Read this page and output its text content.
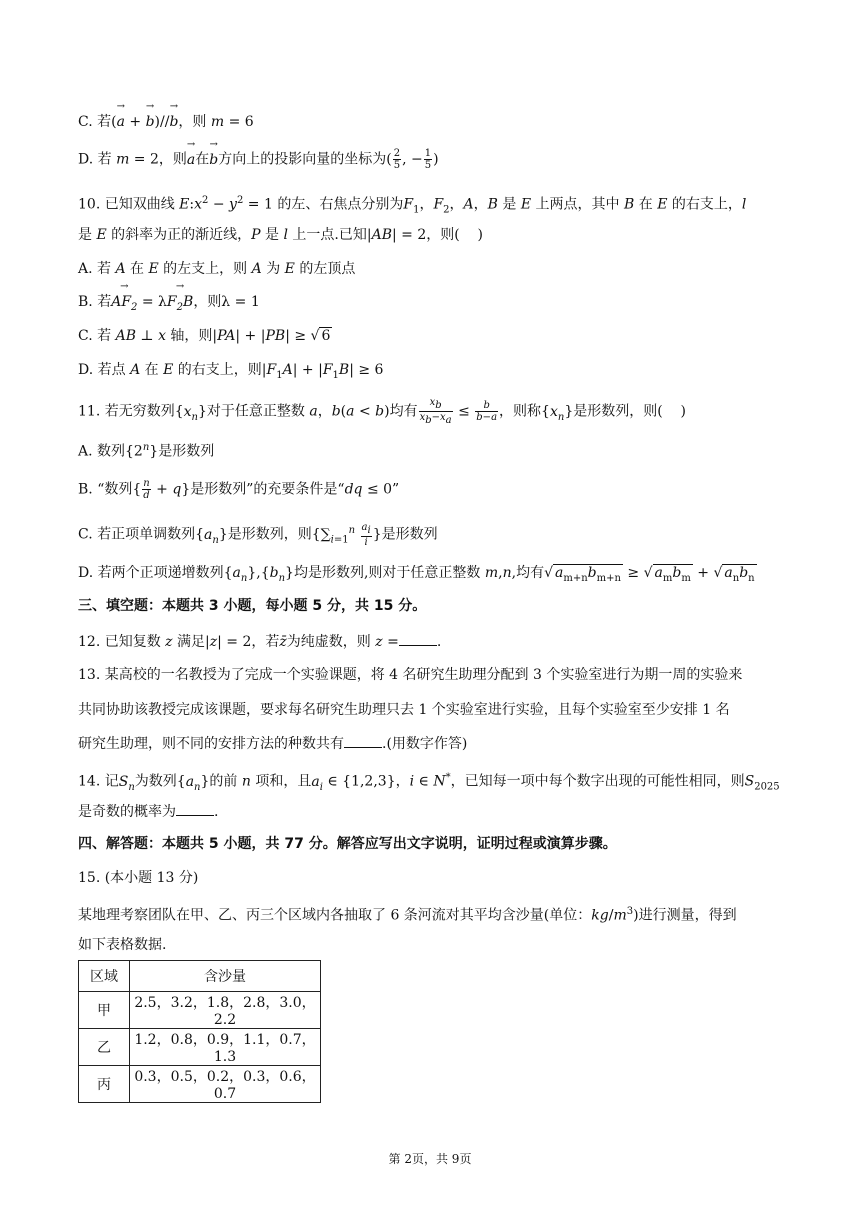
C. 若(→ a + → b)//→ b，则 m = 6
D. 若 m = 2，则→ a在→ b方向上的投影向量的坐标为( $\frac{2}{5}$ , − $\frac{1}{5}$ )
10. 已知双曲线 $E:x^2 - y^2 = 1$ 的左、右焦点分别为$F_1$，$F_2$，A，B 是 E 上两点，其中 B 在 E 的右支上，l
是 E 的斜率为正的渐近线，P 是 l 上一点.已知|AB| = 2，则(    )
A. 若 A 在 E 的左支上，则 A 为 E 的左顶点
B. 若→ $AF_2 = \lambda\to F_2B$，则λ = 1
C. 若 AB ⊥ x 轴，则|PA| + |PB| ≥ √ 6
D. 若点 A 在 E 的右支上，则$|F_1A| + |F_1B| \ge 6$
11. 若无穷数列$\{x_n\}$对于任意正整数 a，b(a < b)均有 $\frac{x_b}{x_b-x_a} \le \frac{b}{b-a}$ ，则称$\{x_n\}$是形数列，则(    )
A. 数列{2$^n$}是形数列
B. “数列{ $\frac{n}{d} + q$}是形数列”的充要条件是“dq ≤ 0”
C. 若正项单调数列$\{a_n\}$是形数列，则{$\sum_{i=1}^n \frac{a_i}{i}$ }是形数列
D. 若两个正项递增数列$\{a_n\},\{b_n\}$均是形数列,则对于任意正整数 m,n,均有√ $a_{m+n}b_{m+n}$ ≥ √ $a_mb_m$ + √ $a_nb_n$
三、填空题：本题共 3 小题，每小题 5 分，共 15 分。
12. 已知复数 z 满足|z| = 2，若z̄为纯虚数，则 z =	.
13. 某高校的一名教授为了完成一个实验课题，将 4 名研究生助理分配到 3 个实验室进行为期一周的实验来
共同协助该教授完成该课题，要求每名研究生助理只去 1 个实验室进行实验，且每个实验室至少安排 1 名
研究生助理，则不同的安排方法的种数共有	.(用数字作答)
14. 记$S_n$为数列$\{a_n\}$的前 n 项和，且$a_i$ ∈ {1,2,3}，i ∈ N*，已知每一项中每个数字出现的可能性相同，则$S_{2025}$
是奇数的概率为	.
四、解答题：本题共 5 小题，共 77 分。解答应写出文字说明，证明过程或演算步骤。
15. (本小题 13 分)
某地理考察团队在甲、乙、丙三个区域内各抽取了 6 条河流对其平均含沙量(单位：$kg/m^3$)进行测量，得到
如下表格数据.
区域	含沙量
甲	2.5，3.2，1.8，2.8，3.0，2.2
乙	1.2，0.8，0.9，1.1，0.7，1.3
丙	0.3，0.5，0.2，0.3，0.6，0.7
第 2页，共 9页
